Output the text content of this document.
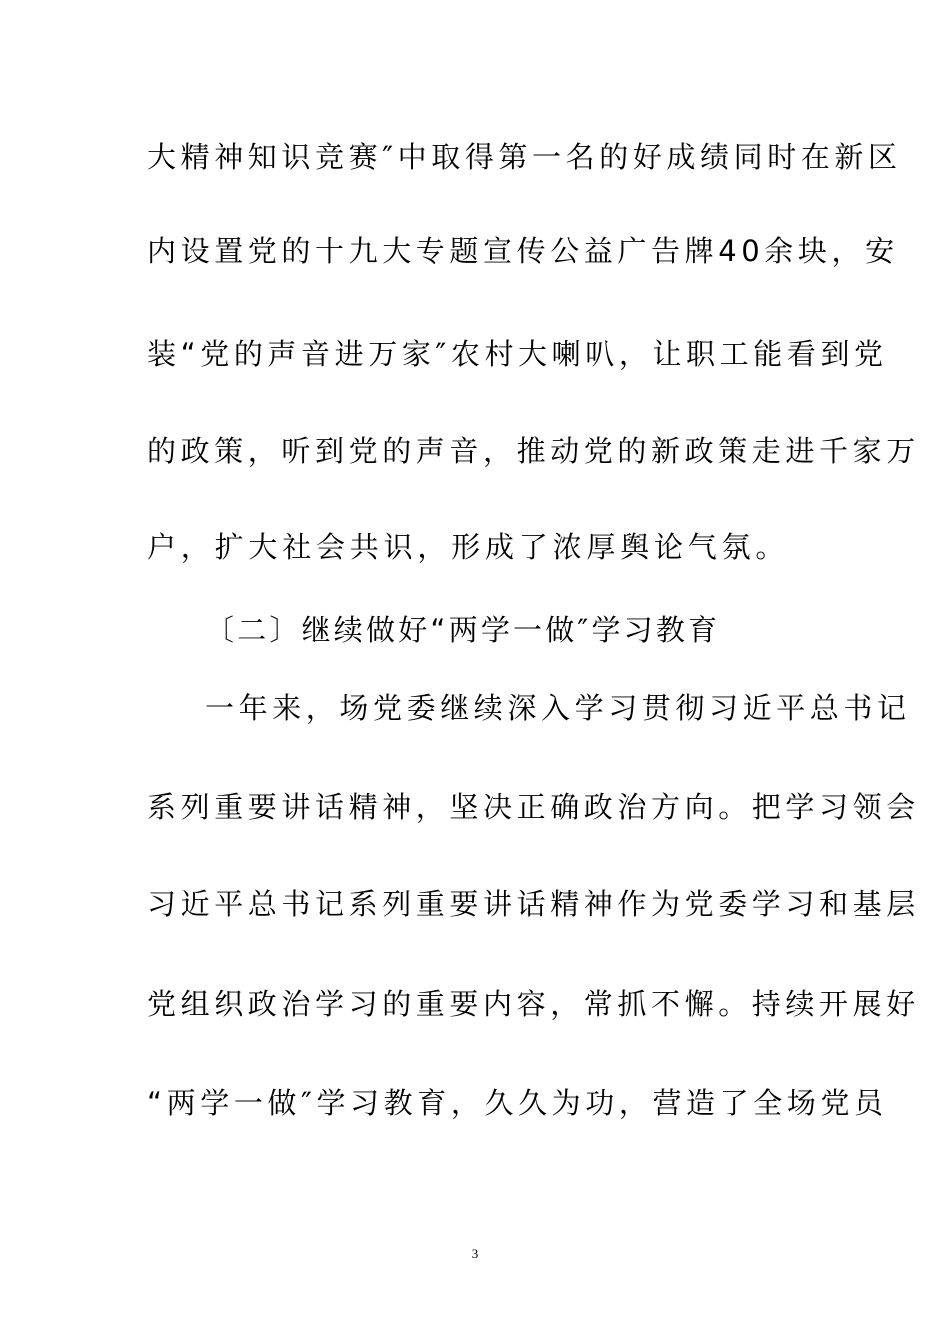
大精神知识竞赛″中取得第一名的好成绩同时在新区
内设置党的十九大专题宣传公益广告牌40余块，安
装“党的声音进万家″农村大喇叭，让职工能看到党
的政策，听到党的声音，推动党的新政策走进千家万
户，扩大社会共识，形成了浓厚舆论气氛。
〔二〕继续做好“两学一做″学习教育
一年来，场党委继续深入学习贯彻习近平总书记
系列重要讲话精神，坚决正确政治方向。把学习领会
习近平总书记系列重要讲话精神作为党委学习和基层
党组织政治学习的重要内容，常抓不懈。持续开展好
“两学一做″学习教育，久久为功，营造了全场党员
3
